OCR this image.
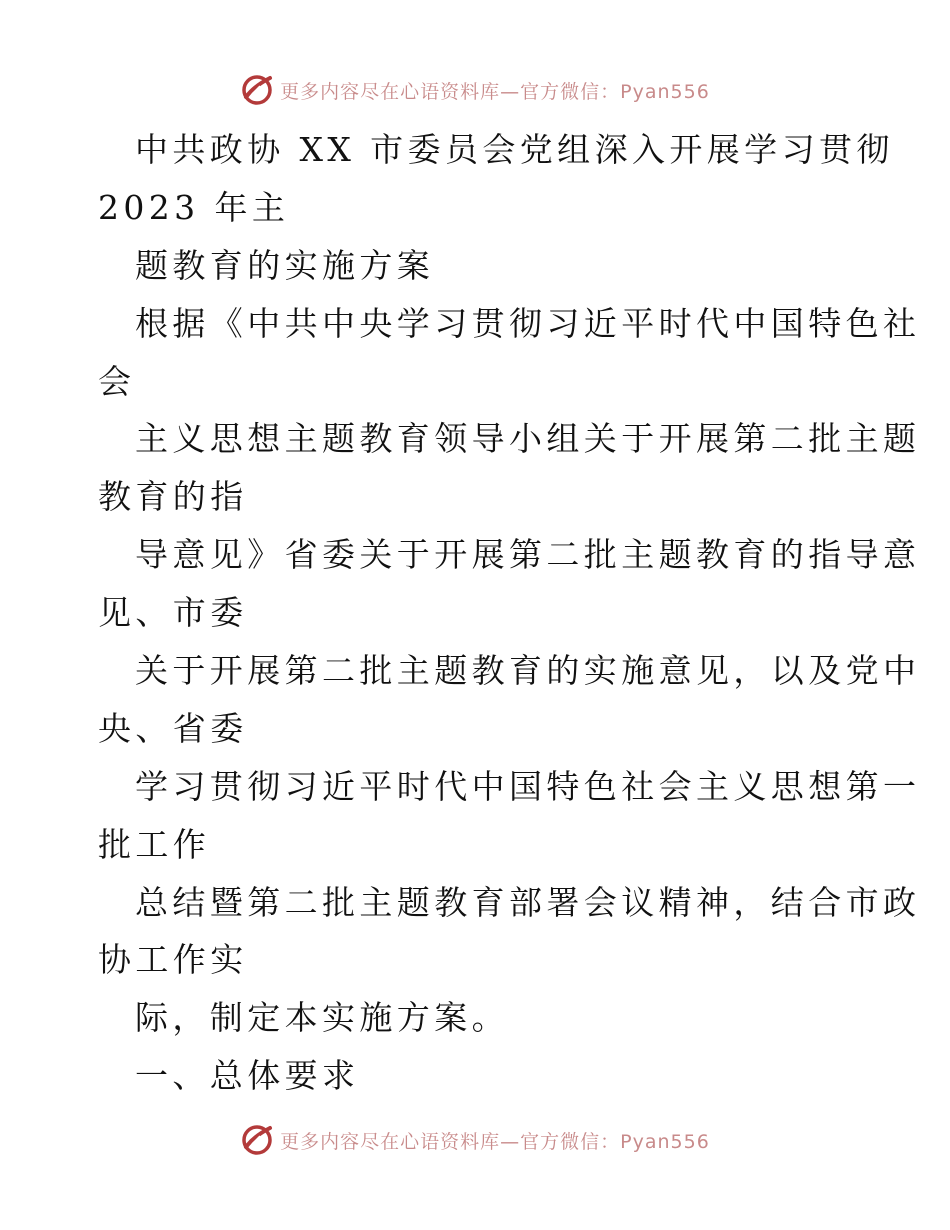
更多内容尽在心语资料库—官方微信：Pyan556
中共政协 XX 市委员会党组深入开展学习贯彻
2023 年主
题教育的实施方案
根据《中共中央学习贯彻习近平时代中国特色社
会
主义思想主题教育领导小组关于开展第二批主题
教育的指
导意见》省委关于开展第二批主题教育的指导意
见、市委
关于开展第二批主题教育的实施意见，以及党中
央、省委
学习贯彻习近平时代中国特色社会主义思想第一
批工作
总结暨第二批主题教育部署会议精神，结合市政
协工作实
际，制定本实施方案。
一、总体要求
更多内容尽在心语资料库—官方微信：Pyan556
